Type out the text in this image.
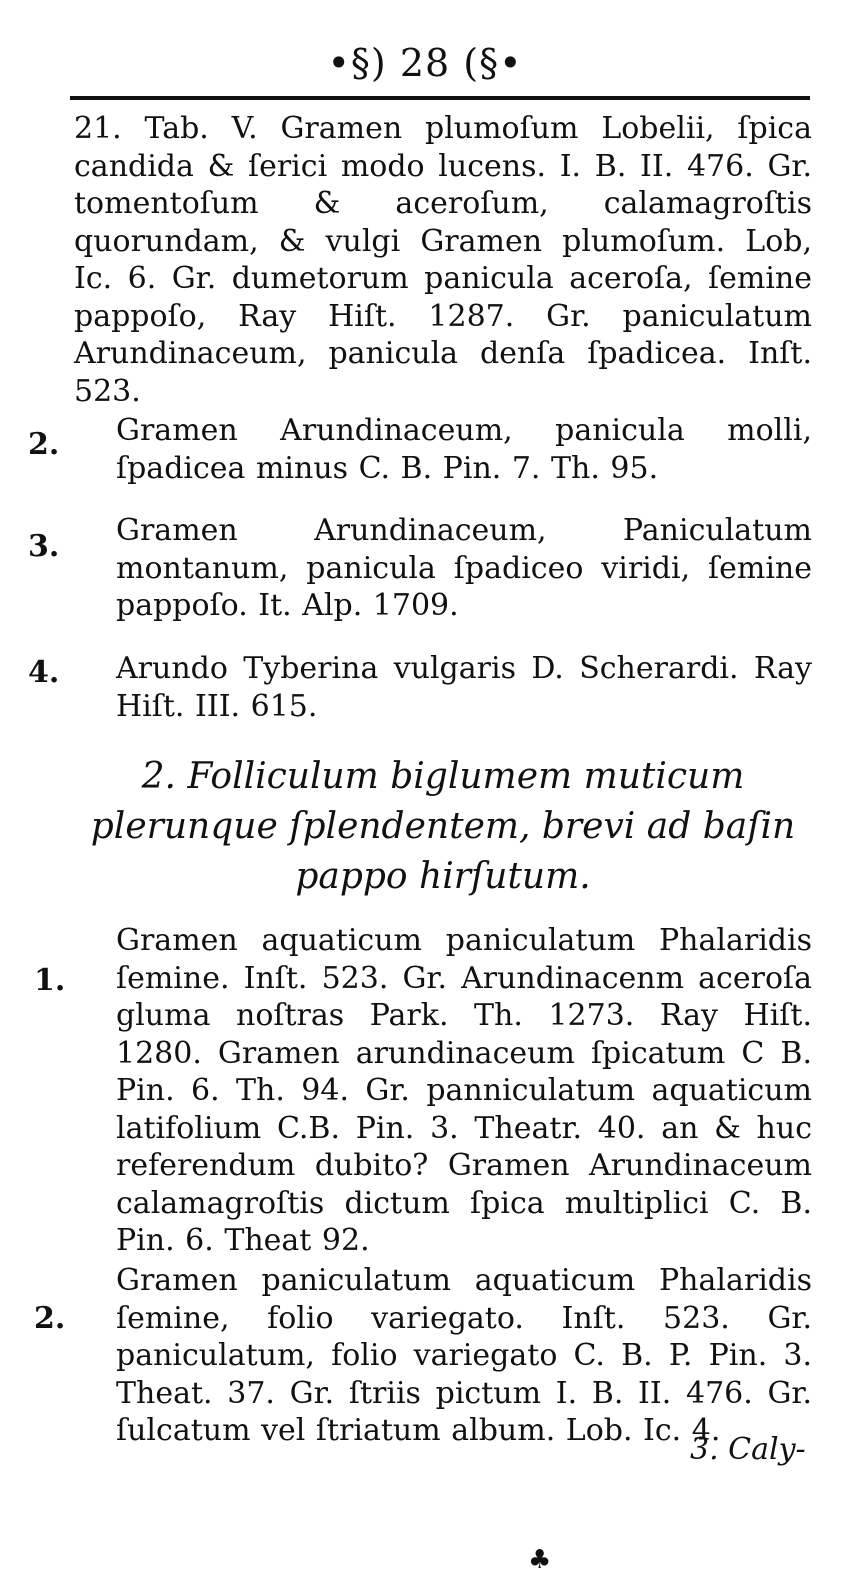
•§) 28 (§•
21. Tab. V. Gramen plumoſum Lobelii, ſpica candida & ſerici modo lucens. I. B. II. 476. Gr. tomentoſum & aceroſum, calamagroſtis quorundam, & vulgi Gramen plumoſum. Lob, Ic. 6. Gr. dumetorum panicula aceroſa, ſemine pappoſo, Ray Hiſt. 1287. Gr. paniculatum Arundinaceum, panicula denſa ſpadicea. Inſt. 523.
2.	Gramen Arundinaceum, panicula molli, ſpadicea minus C. B. Pin. 7. Th. 95.
3.	Gramen Arundinaceum, Paniculatum montanum, panicula ſpadiceo viridi, ſemine pappoſo. It. Alp. 1709.
4.	Arundo Tyberina vulgaris D. Scherardi. Ray Hiſt. III. 615.
2. Folliculum biglumem muticum plerunque ſplendentem, brevi ad baſin pappo hirſutum.
1.
Gramen aquaticum paniculatum Phalaridis ſemine. Inſt. 523. Gr. Arundinacenm aceroſa gluma noſtras Park. Th. 1273. Ray Hiſt. 1280. Gramen arundinaceum ſpicatum C B. Pin. 6. Th. 94. Gr. panniculatum aquaticum latifolium C.B. Pin. 3. Theatr. 40. an & huc referendum dubito? Gramen Arundinaceum calamagroſtis dictum ſpica multiplici C. B. Pin. 6. Theat 92.
2.
Gramen paniculatum aquaticum Phalaridis ſemine, folio variegato. Inſt. 523. Gr. paniculatum, folio variegato C. B. P. Pin. 3. Theat. 37. Gr. ſtriis pictum I. B. II. 476. Gr. ſulcatum vel ſtriatum album. Lob. Ic. 4.
3. Caly-
♣
